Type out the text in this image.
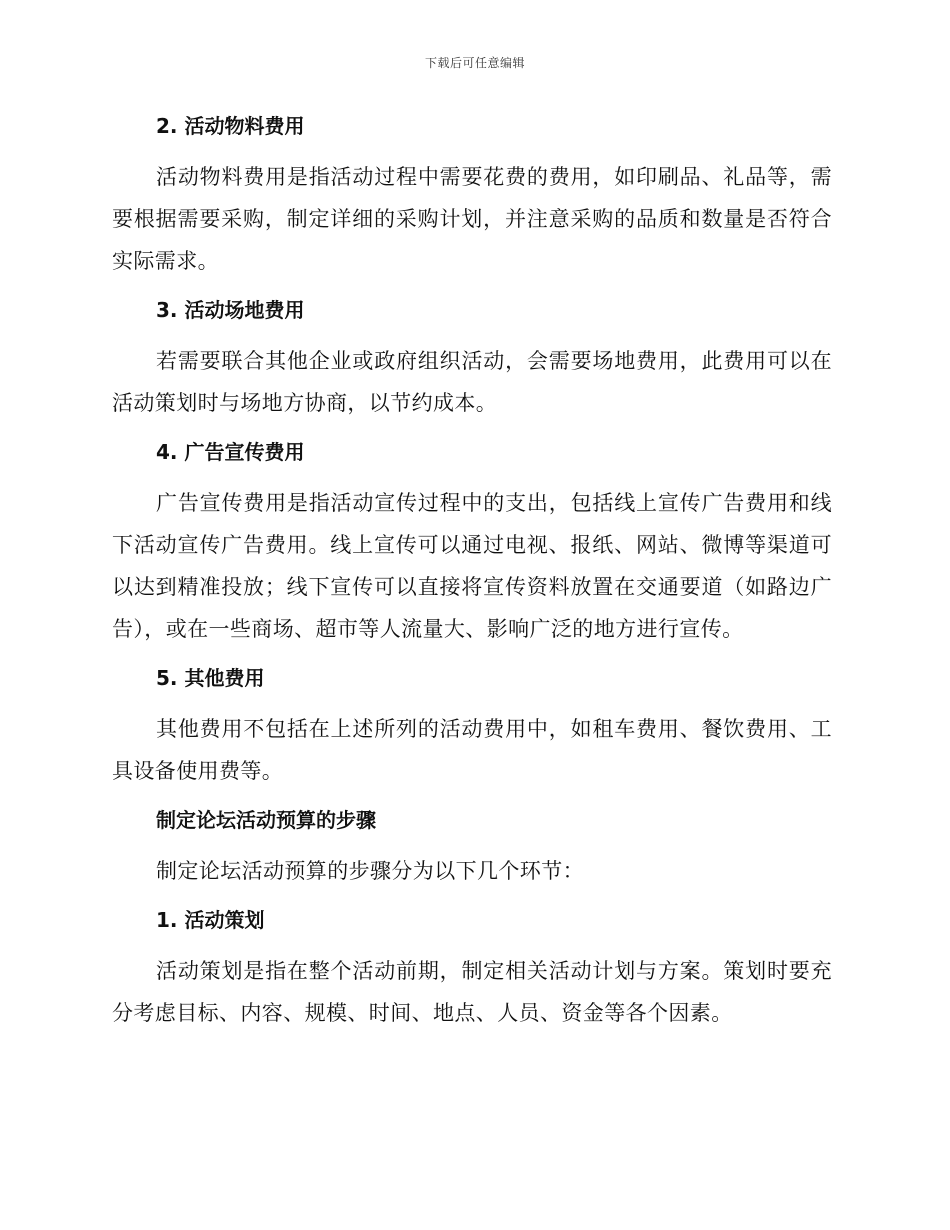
下载后可任意编辑
2. 活动物料费用

活动物料费用是指活动过程中需要花费的费用，如印刷品、礼品等，需要根据需要采购，制定详细的采购计划，并注意采购的品质和数量是否符合实际需求。

3. 活动场地费用

若需要联合其他企业或政府组织活动，会需要场地费用，此费用可以在活动策划时与场地方协商，以节约成本。

4. 广告宣传费用

广告宣传费用是指活动宣传过程中的支出，包括线上宣传广告费用和线下活动宣传广告费用。线上宣传可以通过电视、报纸、网站、微博等渠道可以达到精准投放；线下宣传可以直接将宣传资料放置在交通要道（如路边广告），或在一些商场、超市等人流量大、影响广泛的地方进行宣传。

5. 其他费用

其他费用不包括在上述所列的活动费用中，如租车费用、餐饮费用、工具设备使用费等。

制定论坛活动预算的步骤

制定论坛活动预算的步骤分为以下几个环节：

1. 活动策划

活动策划是指在整个活动前期，制定相关活动计划与方案。策划时要充分考虑目标、内容、规模、时间、地点、人员、资金等各个因素。
